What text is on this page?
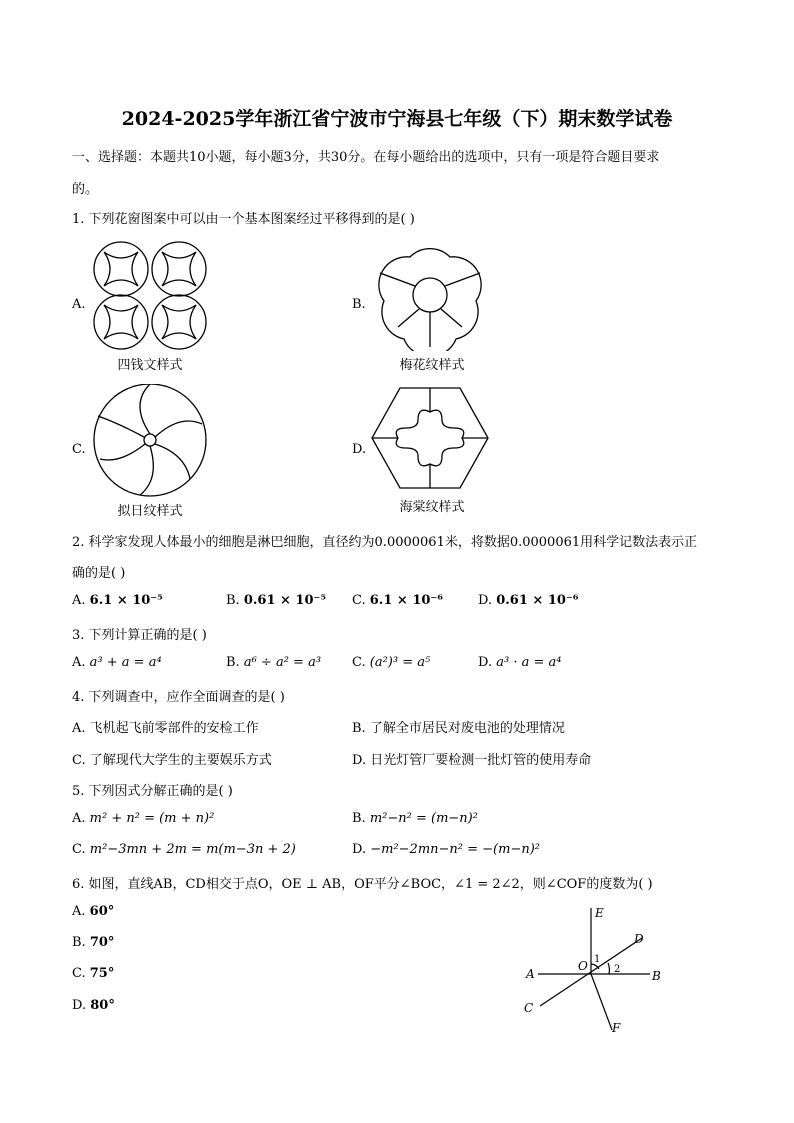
2024-2025学年浙江省宁波市宁海县七年级（下）期末数学试卷
一、选择题：本题共10小题，每小题3分，共30分。在每小题给出的选项中，只有一项是符合题目要求
的。
1. 下列花窗图案中可以由一个基本图案经过平移得到的是( )
A.
四钱文样式
B.
梅花纹样式
C.
拟日纹样式
D.
海棠纹样式
2. 科学家发现人体最小的细胞是淋巴细胞，直径约为0.0000061米，将数据0.0000061用科学记数法表示正
确的是( )
A. 6.1 × 10⁻⁵	B. 0.61 × 10⁻⁵ C. 6.1 × 10⁻⁶	D. 0.61 × 10⁻⁶
3. 下列计算正确的是( )
A. a³ + a = a⁴	B. a⁶ ÷ a² = a³ C. (a²)³ = a⁵	D. a³ · a = a⁴
4. 下列调查中，应作全面调查的是( )
A. 飞机起飞前零部件的安检工作	B. 了解全市居民对废电池的处理情况
C. 了解现代大学生的主要娱乐方式	D. 日光灯管厂要检测一批灯管的使用寿命
5. 下列因式分解正确的是( )
A. m² + n² = (m + n)²	B. m²−n² = (m−n)²
C. m²−3mn + 2m = m(m−3n + 2)	D. −m²−2mn−n² = −(m−n)²
6. 如图，直线AB，CD相交于点O，OE ⊥ AB，OF平分∠BOC，∠1 = 2∠2，则∠COF的度数为( )
A. 60°
B. 70°
C. 75°
D. 80°
E
D
A
O
B
C
F
1
2
